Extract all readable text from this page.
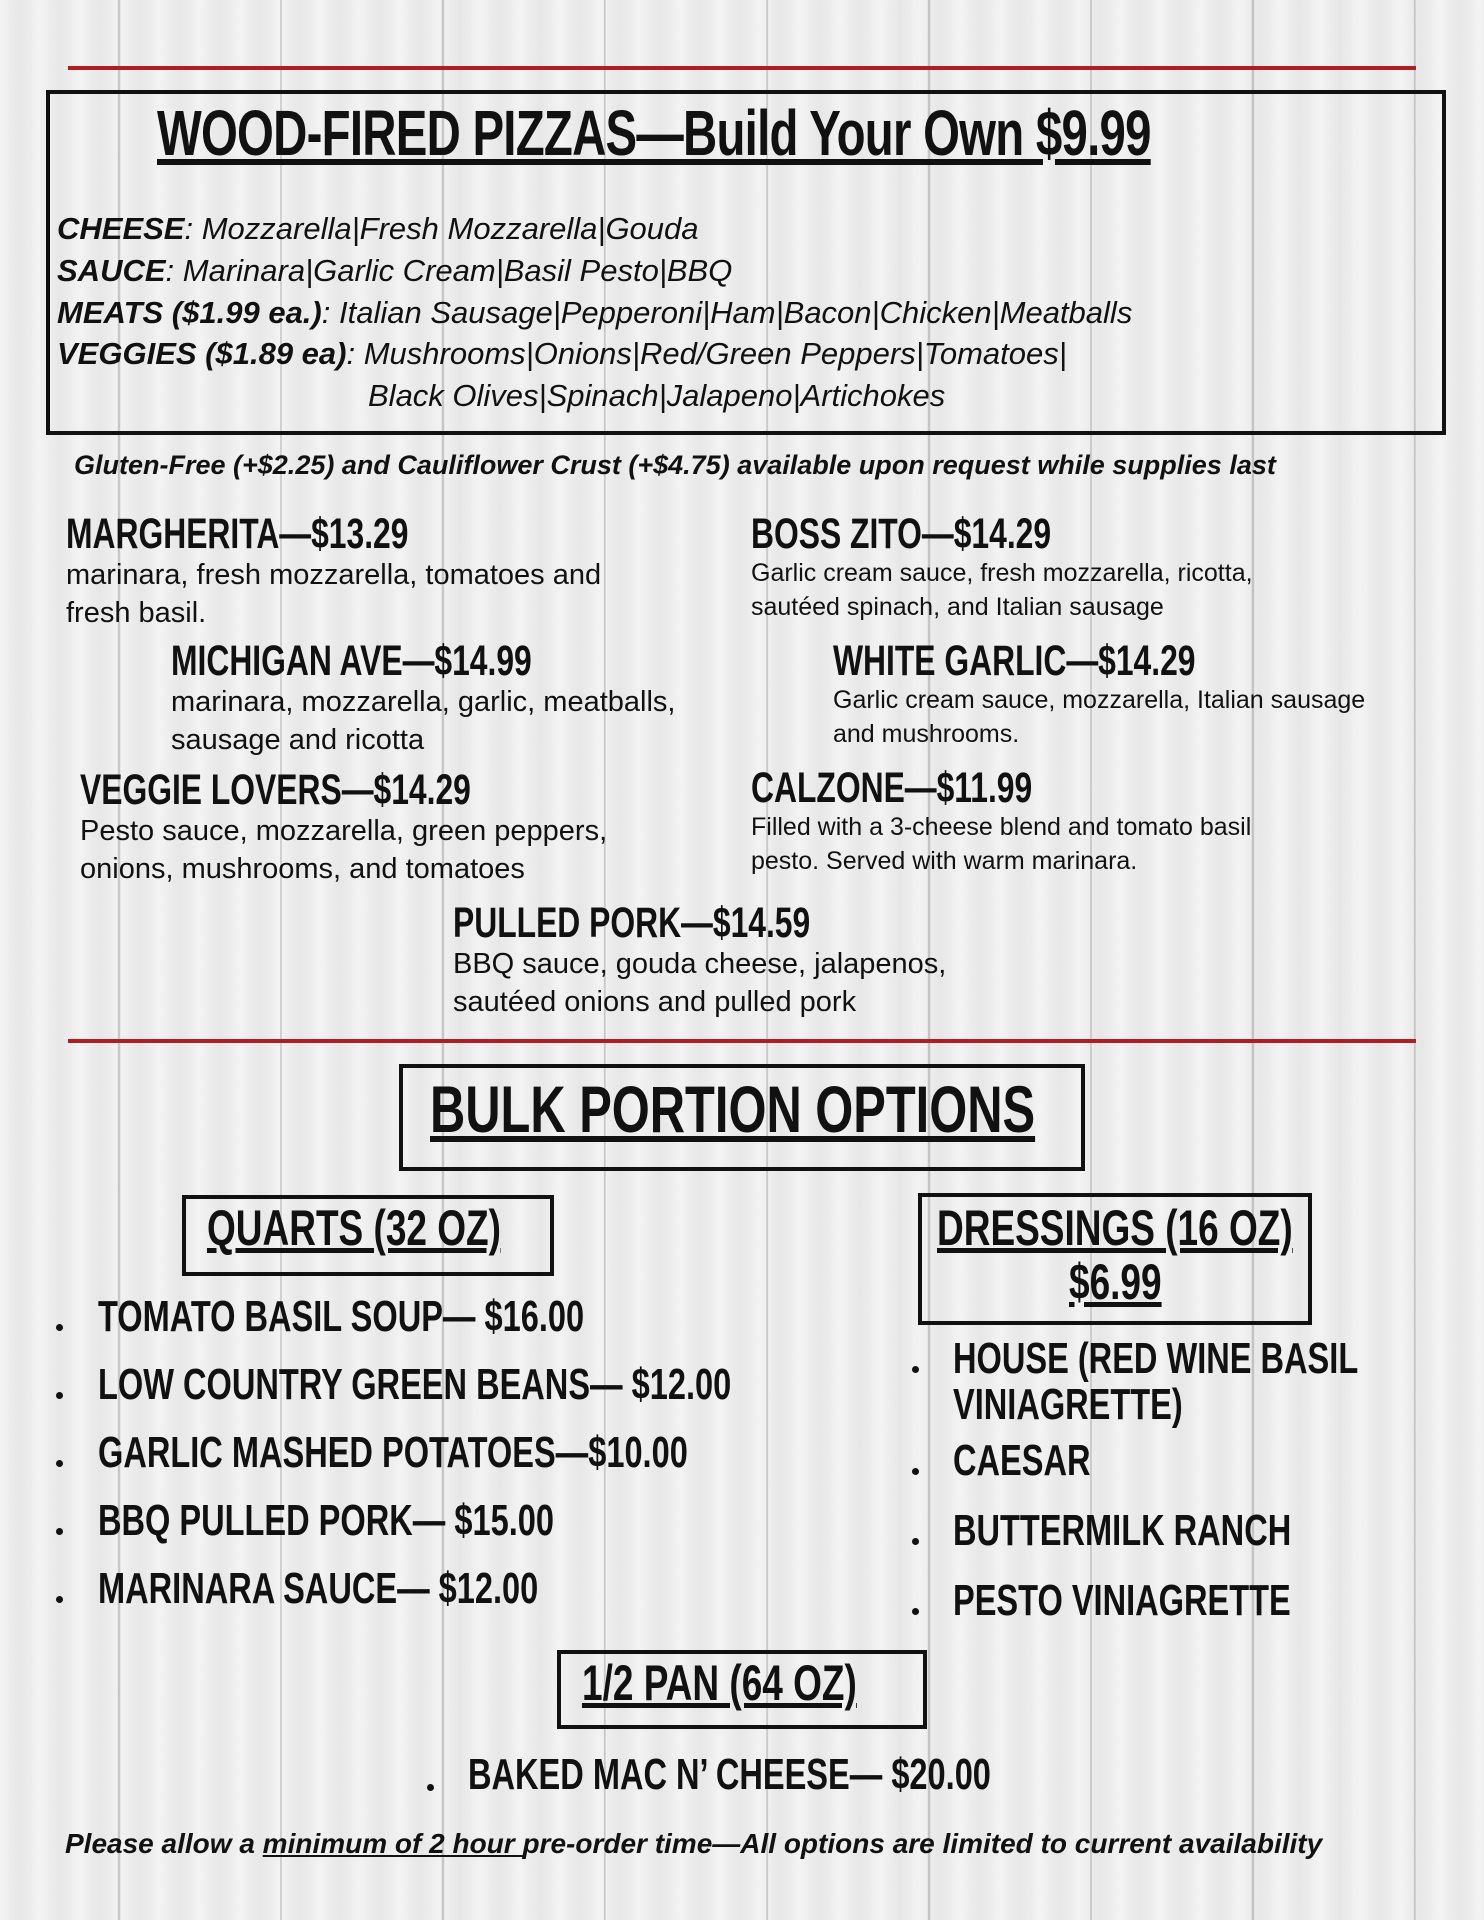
WOOD-FIRED PIZZAS—Build Your Own $9.99
CHEESE: Mozzarella|Fresh Mozzarella|Gouda
SAUCE: Marinara|Garlic Cream|Basil Pesto|BBQ
MEATS ($1.99 ea.): Italian Sausage|Pepperoni|Ham|Bacon|Chicken|Meatballs
VEGGIES ($1.89 ea): Mushrooms|Onions|Red/Green Peppers|Tomatoes|
Black Olives|Spinach|Jalapeno|Artichokes
Gluten-Free (+$2.25) and Cauliflower Crust (+$4.75) available upon request while supplies last
MARGHERITA—$13.29
marinara, fresh mozzarella, tomatoes and
fresh basil.
BOSS ZITO—$14.29
Garlic cream sauce, fresh mozzarella, ricotta,
sautéed spinach, and Italian sausage
MICHIGAN AVE—$14.99
marinara, mozzarella, garlic, meatballs,
sausage and ricotta
WHITE GARLIC—$14.29
Garlic cream sauce, mozzarella, Italian sausage
and mushrooms.
VEGGIE LOVERS—$14.29
Pesto sauce, mozzarella, green peppers,
onions, mushrooms, and tomatoes
CALZONE—$11.99
Filled with a 3-cheese blend and tomato basil
pesto. Served with warm marinara.
PULLED PORK—$14.59
BBQ sauce, gouda cheese, jalapenos,
sautéed onions and pulled pork
BULK PORTION OPTIONS
QUARTS (32 OZ)
TOMATO BASIL SOUP— $16.00
LOW COUNTRY GREEN BEANS— $12.00
GARLIC MASHED POTATOES—$10.00
BBQ PULLED PORK— $15.00
MARINARA SAUCE— $12.00
DRESSINGS (16 OZ)
$6.99
HOUSE (RED WINE BASIL
VINIAGRETTE)
CAESAR
BUTTERMILK RANCH
PESTO VINIAGRETTE
1/2 PAN (64 OZ)
BAKED MAC N’ CHEESE— $20.00
Please allow a minimum of 2 hour pre-order time—All options are limited to current availability
